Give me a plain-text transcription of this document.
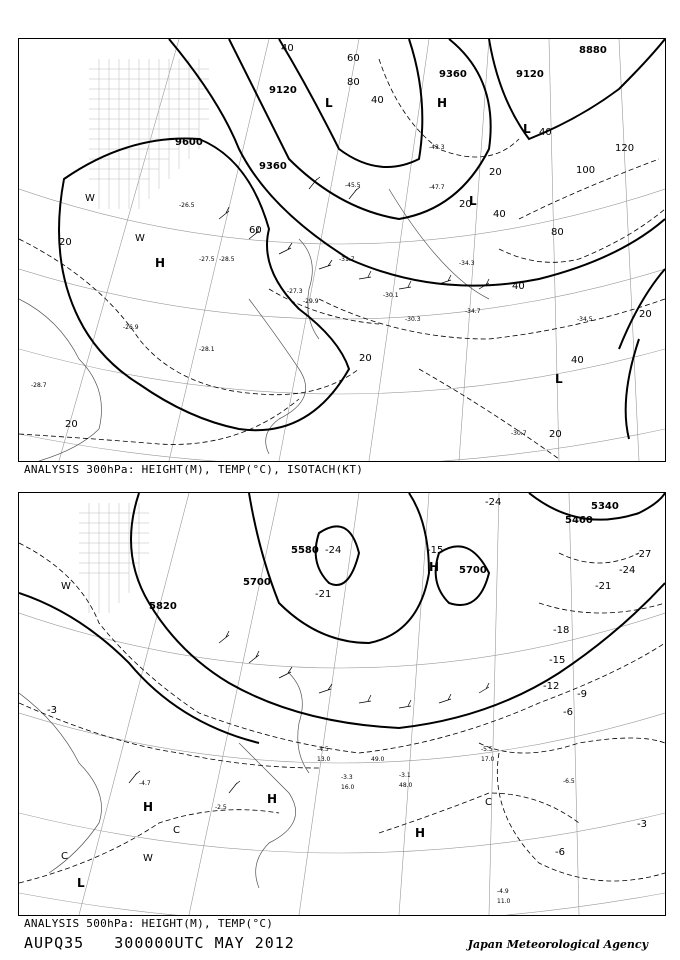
9600
9120
9360
9360	9120
8880
40
60
80
20
40
20
40
20
40
60	80
100
120
40
20
20
40
20
20
H
H
L
L
L
L
W
W
-26.5
-28.5
-27.3
-29.9
-30.3
-30.1
-34.7
-34.5
-30.7
-28.7
-26.9
-28.1
-27.5	-31.7
-34.3
-45.5
-43.3
-47.7
ANALYSIS 300hPa: HEIGHT(M), TEMP(°C), ISOTACH(KT)
5820
5700
5580
5700
5460
5340
-3	-6
-9
-12
-15
-18
-21
-24
-27
-24
-21
-15
-24
-3
-6
H
H
H
H
L
W
W
C
C
C
-4.7
-2.5
-3.3	-3.1
-4.5	-5.5
-4.9
-6.5
11.0
17.0
13.0
16.0	48.0
49.0
ANALYSIS 500hPa: HEIGHT(M), TEMP(°C)
AUPQ35 300000UTC MAY 2012	Japan Meteorological Agency
